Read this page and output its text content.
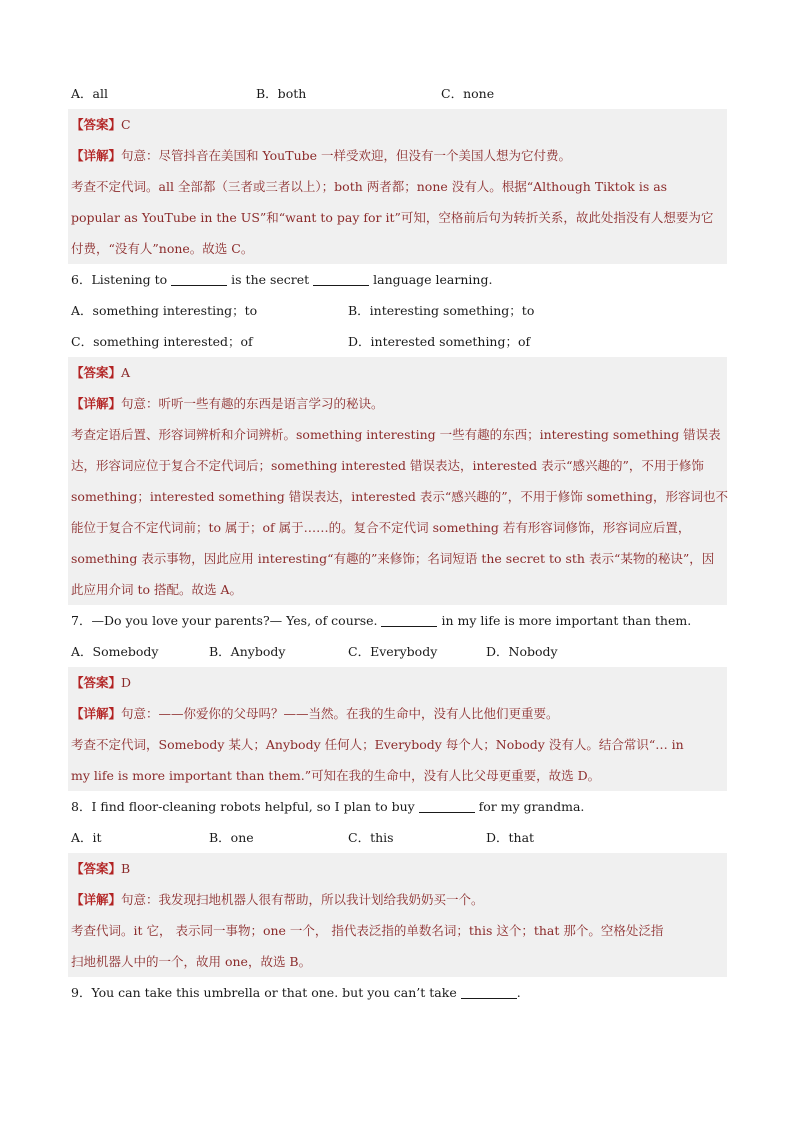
A．all	B．both	C．none
【答案】C
【详解】句意：尽管抖音在美国和 YouTube 一样受欢迎，但没有一个美国人想为它付费。
考查不定代词。all 全部都（三者或三者以上）；both 两者都；none 没有人。根据“Although Tiktok is as
popular as YouTube in the US”和“want to pay for it”可知，空格前后句为转折关系，故此处指没有人想要为它
付费，“没有人”none。故选 C。
6．Listening to	is the secret	language learning.
A．something interesting；to	B．interesting something；to
C．something interested；of	D．interested something；of
【答案】A
【详解】句意：听听一些有趣的东西是语言学习的秘诀。
考查定语后置、形容词辨析和介词辨析。something interesting 一些有趣的东西；interesting something 错误表
达，形容词应位于复合不定代词后；something interested 错误表达，interested 表示“感兴趣的”，不用于修饰
something；interested something 错误表达，interested 表示“感兴趣的”，不用于修饰 something，形容词也不
能位于复合不定代词前；to 属于；of 属于……的。复合不定代词 something 若有形容词修饰，形容词应后置，
something 表示事物，因此应用 interesting“有趣的”来修饰；名词短语 the secret to sth 表示“某物的秘诀”，因
此应用介词 to 搭配。故选 A。
7．—Do you love your parents?— Yes, of course.	in my life is more important than them.
A．Somebody	B．Anybody	C．Everybody	D．Nobody
【答案】D
【详解】句意：——你爱你的父母吗？——当然。在我的生命中，没有人比他们更重要。
考查不定代词，Somebody 某人；Anybody 任何人；Everybody 每个人；Nobody 没有人。结合常识“… in
my life is more important than them.”可知在我的生命中，没有人比父母更重要，故选 D。
8．I find floor-cleaning robots helpful, so I plan to buy	for my grandma.
A．it	B．one	C．this	D．that
【答案】B
【详解】句意：我发现扫地机器人很有帮助，所以我计划给我奶奶买一个。
考查代词。it 它， 表示同一事物；one 一个， 指代表泛指的单数名词；this 这个；that 那个。空格处泛指
扫地机器人中的一个，故用 one，故选 B。
9．You can take this umbrella or that one. but you can’t take	.
